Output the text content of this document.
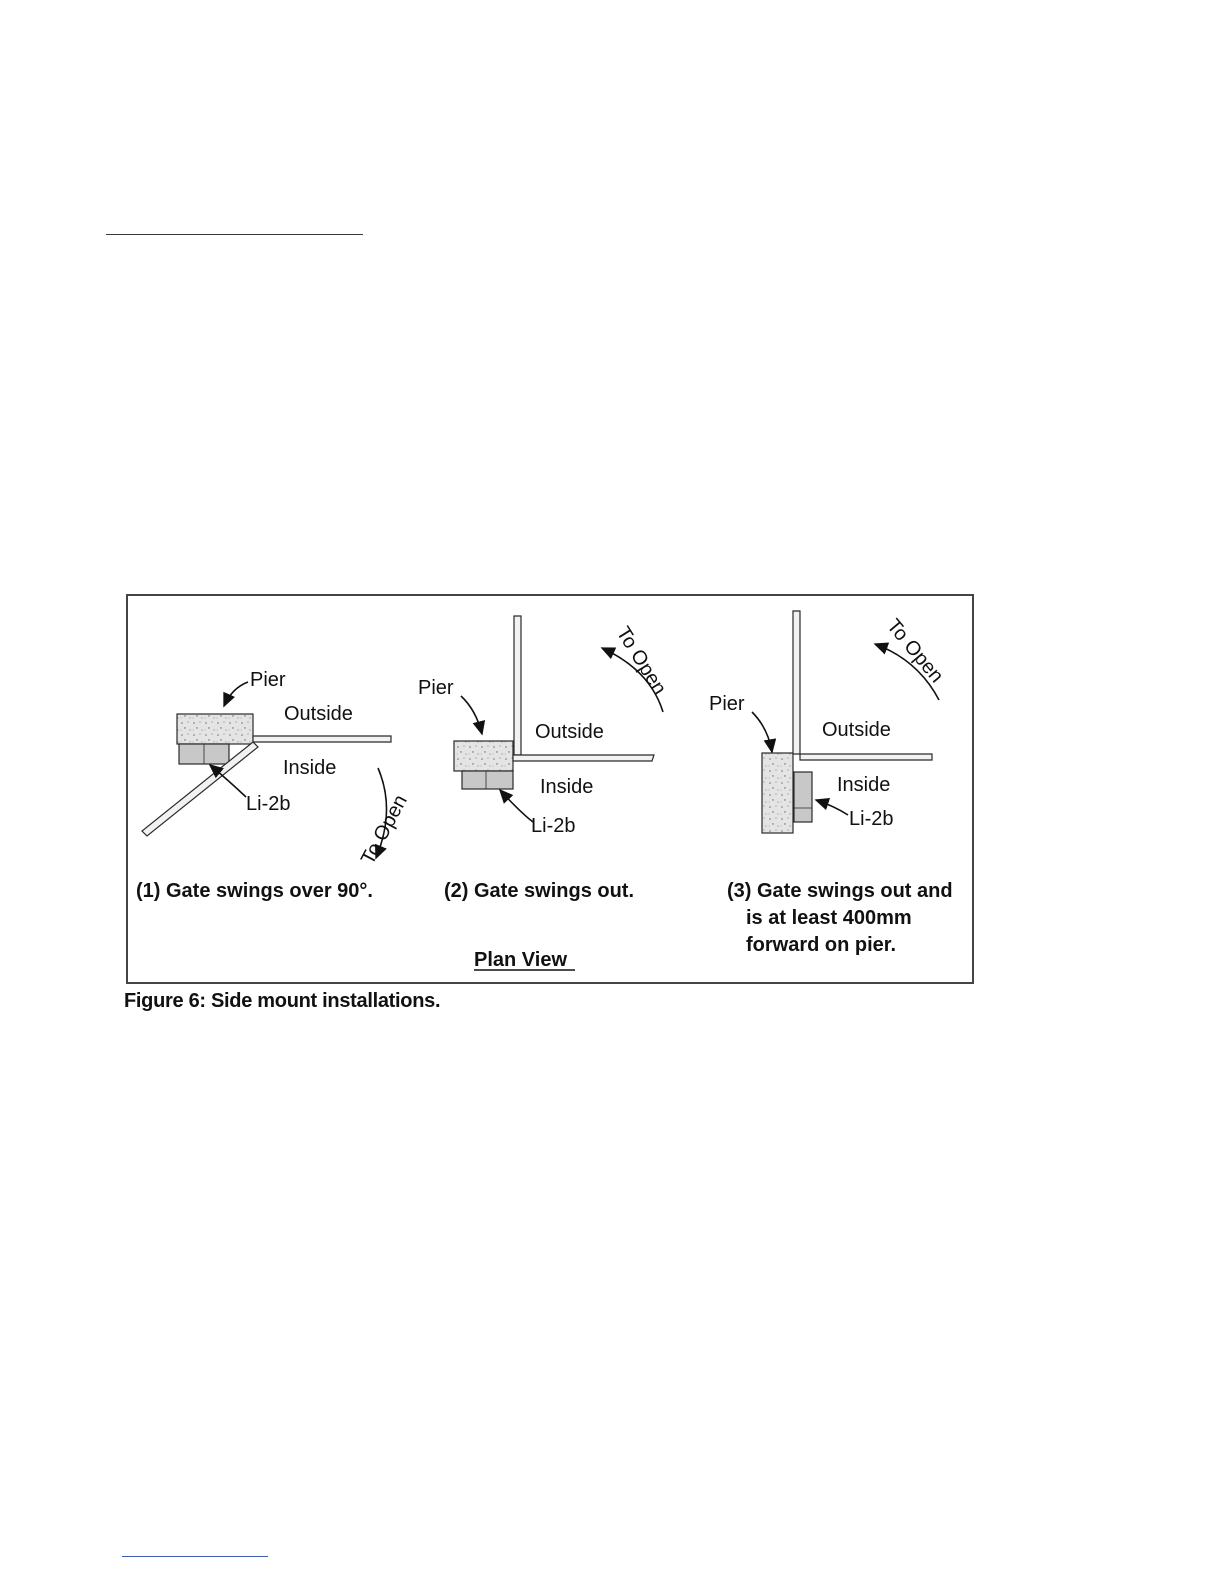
Pier
Outside
Inside
Li-2b	To Open
(1) Gate swings over 90°.
Pier
Outside
Inside
Li-2b
To Open
(2) Gate swings out.
Pier
Outside
Inside
Li-2b
To Open
(3) Gate swings out and
is at least 400mm
forward on pier.
Plan View
Figure 6: Side mount installations.
